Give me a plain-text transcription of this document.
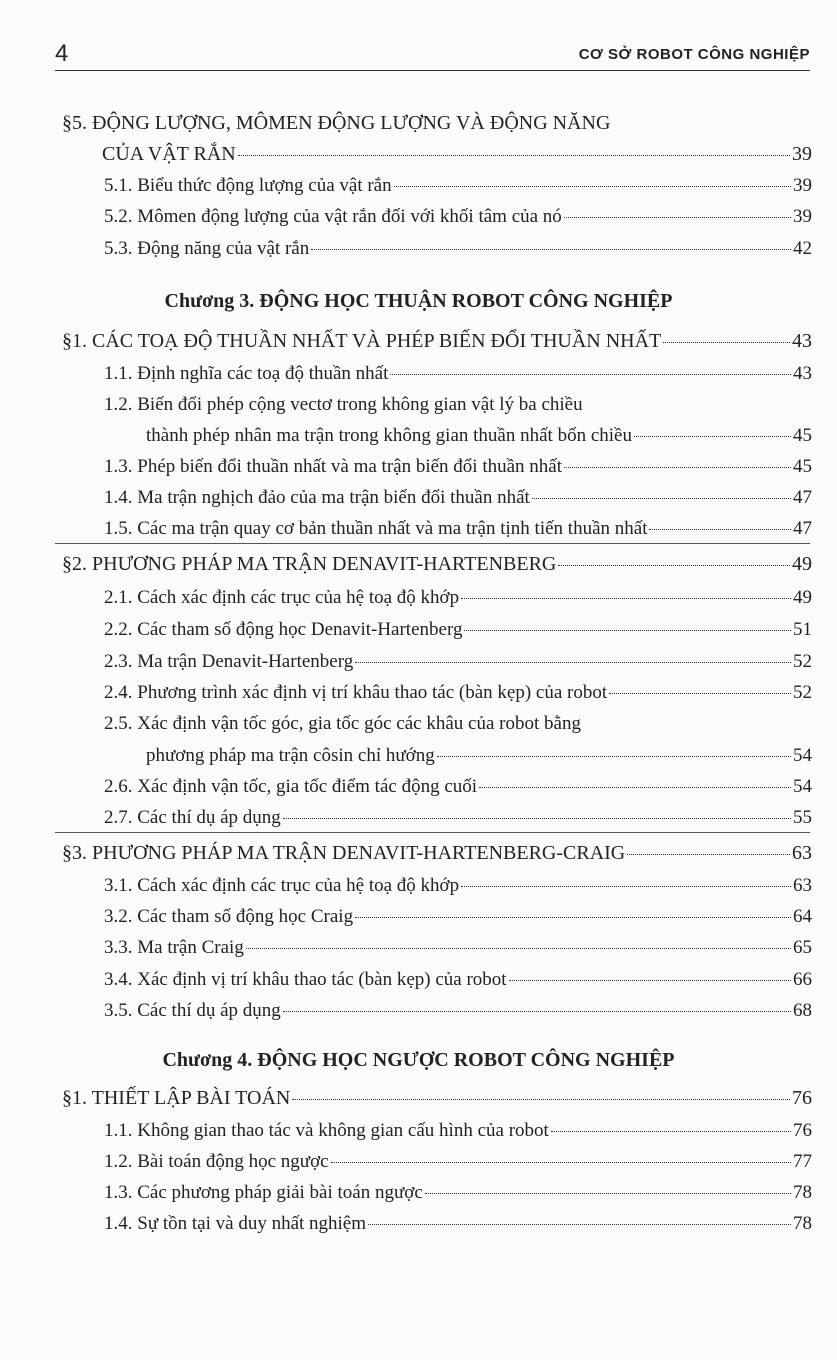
4	CƠ SỞ ROBOT CÔNG NGHIỆP
§5. ĐỘNG LƯỢNG, MÔMEN ĐỘNG LƯỢNG VÀ ĐỘNG NĂNG
CỦA VẬT RẮN	39
5.1. Biểu thức động lượng của vật rắn	39
5.2. Mômen động lượng của vật rắn đối với khối tâm của nó	39
5.3. Động năng của vật rắn	42
Chương 3. ĐỘNG HỌC THUẬN ROBOT CÔNG NGHIỆP
§1. CÁC TOẠ ĐỘ THUẦN NHẤT VÀ PHÉP BIẾN ĐỔI THUẦN NHẤT	43
1.1. Định nghĩa các toạ độ thuần nhất	43
1.2. Biến đổi phép cộng vectơ trong không gian vật lý ba chiều
thành phép nhân ma trận trong không gian thuần nhất bốn chiều	45
1.3. Phép biến đổi thuần nhất và ma trận biến đổi thuần nhất	45
1.4. Ma trận nghịch đảo của ma trận biến đổi thuần nhất	47
1.5. Các ma trận quay cơ bản thuần nhất và ma trận tịnh tiến thuần nhất	47
§2. PHƯƠNG PHÁP MA TRẬN DENAVIT-HARTENBERG	49
2.1. Cách xác định các trục của hệ toạ độ khớp	49
2.2. Các tham số động học Denavit-Hartenberg	51
2.3. Ma trận Denavit-Hartenberg	52
2.4. Phương trình xác định vị trí khâu thao tác (bàn kẹp) của robot	52
2.5. Xác định vận tốc góc, gia tốc góc các khâu của robot bằng
phương pháp ma trận côsin chỉ hướng	54
2.6. Xác định vận tốc, gia tốc điểm tác động cuối	54
2.7. Các thí dụ áp dụng	55
§3. PHƯƠNG PHÁP MA TRẬN DENAVIT-HARTENBERG-CRAIG	63
3.1. Cách xác định các trục của hệ toạ độ khớp	63
3.2. Các tham số động học Craig	64
3.3. Ma trận Craig	65
3.4. Xác định vị trí khâu thao tác (bàn kẹp) của robot	66
3.5. Các thí dụ áp dụng	68
Chương 4. ĐỘNG HỌC NGƯỢC ROBOT CÔNG NGHIỆP
§1. THIẾT LẬP BÀI TOÁN	76
1.1. Không gian thao tác và không gian cấu hình của robot	76
1.2. Bài toán động học ngược	77
1.3. Các phương pháp giải bài toán ngược	78
1.4. Sự tồn tại và duy nhất nghiệm	78
